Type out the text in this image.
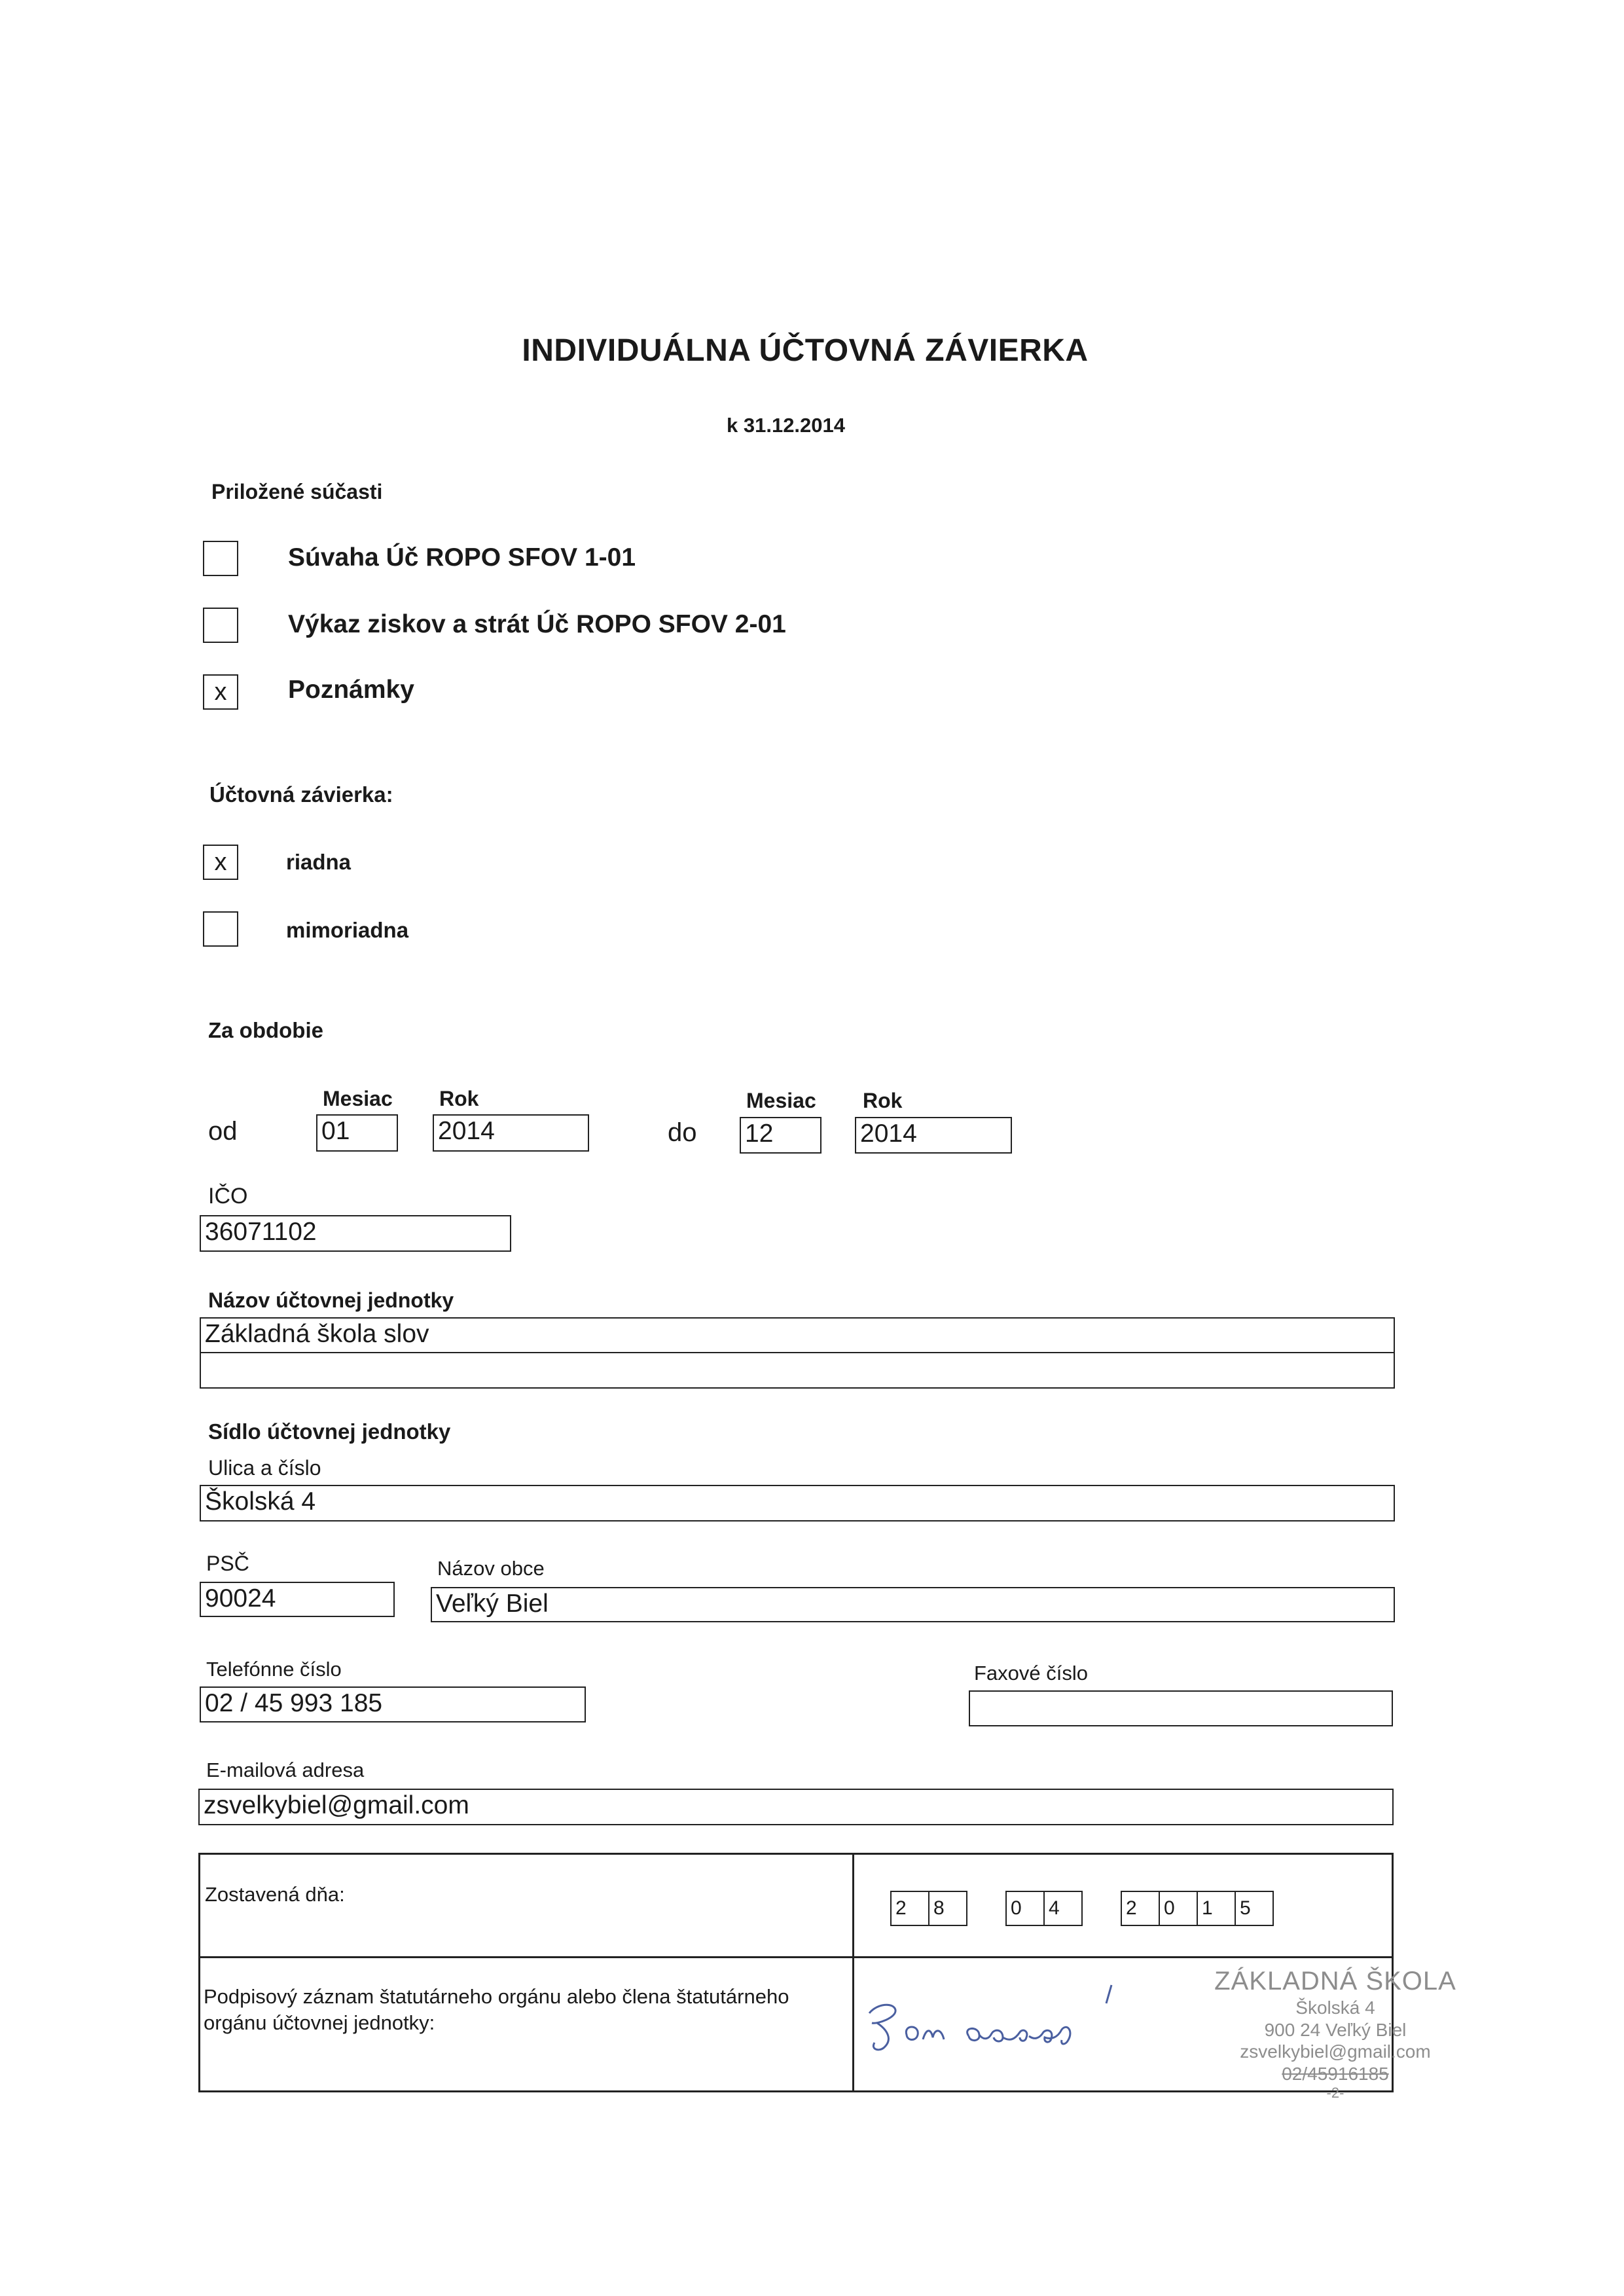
INDIVIDUÁLNA ÚČTOVNÁ ZÁVIERKA
k 31.12.2014
Priložené súčasti
Súvaha Úč ROPO SFOV 1-01
Výkaz ziskov a strát Úč ROPO SFOV 2-01
x	Poznámky
Účtovná závierka:
x	riadna
mimoriadna
Za obdobie
Mesiac Rok
od	01	2014
Mesiac Rok
do 12	2014
IČO
36071102
Názov účtovnej jednotky
Základná škola slov
Sídlo účtovnej jednotky
Ulica a číslo
Školská 4
PSČ
90024
Názov obce
Veľký Biel
Telefónne číslo
02 / 45 993 185
Faxové číslo
E-mailová adresa
zsvelkybiel@gmail.com
Zostavená dňa:
2	8	0	4	2	0	1	5
Podpisový záznam štatutárneho orgánu alebo člena štatutárneho
orgánu účtovnej jednotky:
ZÁKLADNÁ ŠKOLA
Školská 4
900 24 Veľký Biel
zsvelkybiel@gmail.com
02/45916185
-2-
